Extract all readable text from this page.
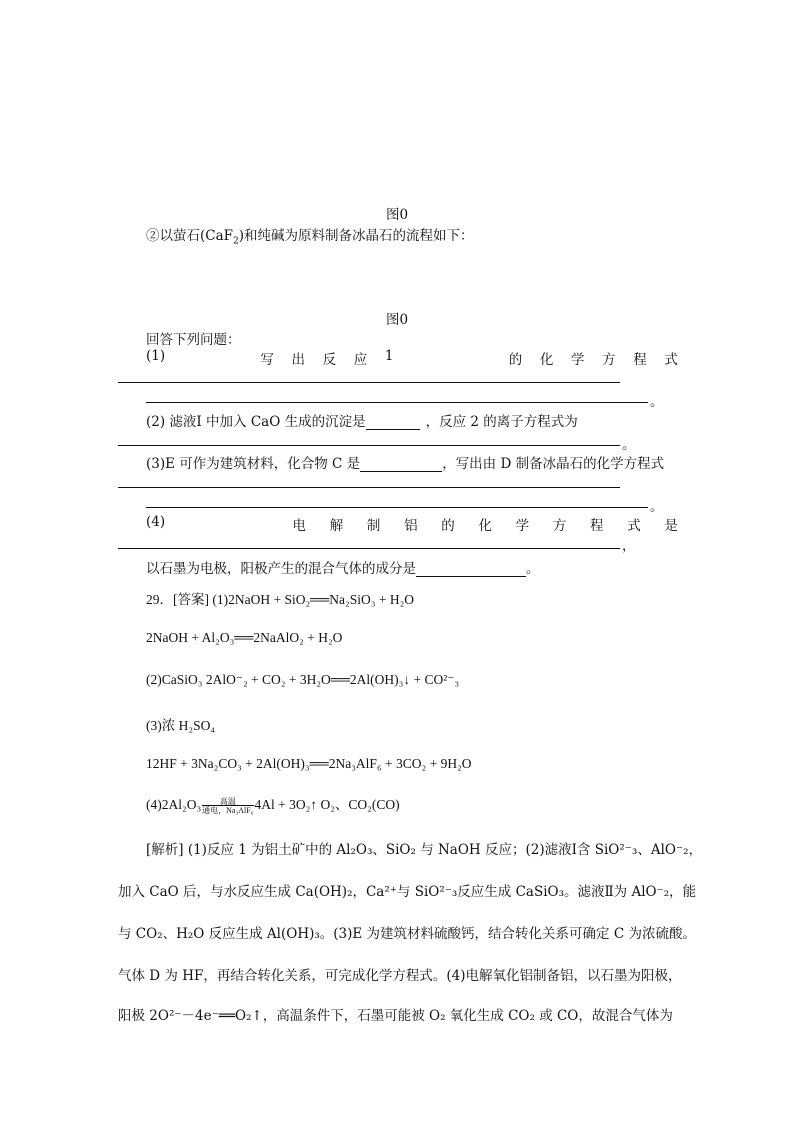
图0
②以萤石(CaF$_2$)和纯碱为原料制备冰晶石的流程如下：
图0
回答下列问题：
(1)	写 出 反 应 1	的 化 学 方 程 式
。
(2) 滤液Ⅰ 中加入 CaO 生成的沉淀是	，反应 2 的离子方程式为
。
(3)E 可作为建筑材料，化合物 C 是	，写出由 D 制备冰晶石的化学方程式
。
(4)	电 解 制 铝 的 化 学 方 程 式 是
，
以石墨为电极，阳极产生的混合气体的成分是	。
29．[答案] (1)2NaOH + SiO₂══Na₂SiO₃ + H₂O
2NaOH + Al₂O₃══2NaAlO₂ + H₂O
(2)CaSiO₃ 2AlO⁻₂ + CO₂ + 3H₂O══2Al(OH)₃↓ + CO²⁻₃
(3)浓 H₂SO₄
12HF + 3Na₂CO₃ + 2Al(OH)₃══2Na₃AlF₆ + 3CO₂ + 9H₂O
(4)2Al₂O₃ 高温
通电，Na₃AlF₆4Al + 3O₂↑ O₂、CO₂(CO)
[解析] (1)反应 1 为铝土矿中的 Al₂O₃、SiO₂ 与 NaOH 反应；(2)滤液Ⅰ含 SiO²⁻₃、AlO⁻₂，
加入 CaO 后，与水反应生成 Ca(OH)₂，Ca²⁺与 SiO²⁻₃反应生成 CaSiO₃。滤液Ⅱ为 AlO⁻₂，能
与 CO₂、H₂O 反应生成 Al(OH)₃。(3)E 为建筑材料硫酸钙，结合转化关系可确定 C 为浓硫酸。
气体 D 为 HF，再结合转化关系，可完成化学方程式。(4)电解氧化铝制备铝，以石墨为阳极，
阳极 2O²⁻－4e⁻══O₂↑，高温条件下，石墨可能被 O₂ 氧化生成 CO₂ 或 CO，故混合气体为
